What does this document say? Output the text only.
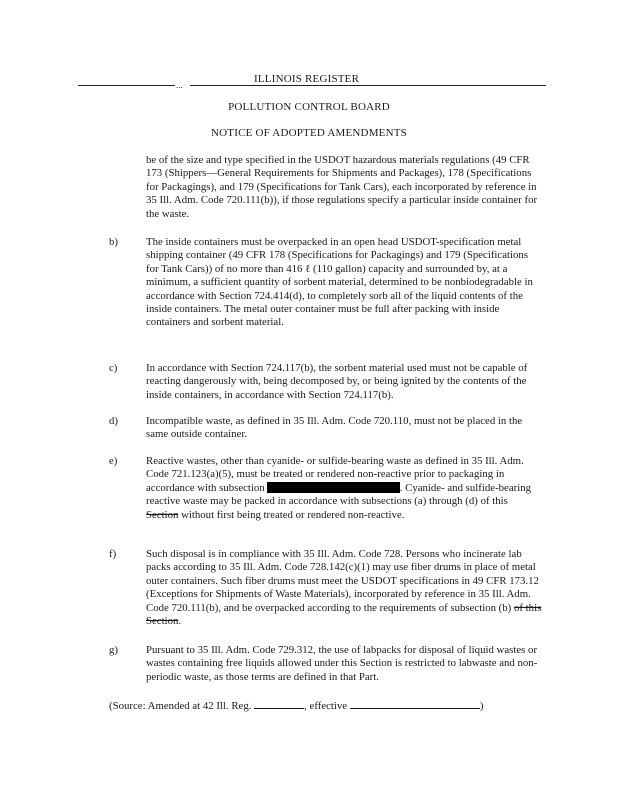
...	ILLINOIS REGISTER
POLLUTION CONTROL BOARD
NOTICE OF ADOPTED AMENDMENTS

be of the size and type specified in the USDOT hazardous materials regulations (49 CFR 173 (Shippers—General Requirements for Shipments and Packages), 178 (Specifications for Packagings), and 179 (Specifications for Tank Cars), each incorporated by reference in 35 Ill. Adm. Code 720.111(b)), if those regulations specify a particular inside container for the waste.

b)	The inside containers must be overpacked in an open head USDOT-specification metal shipping container (49 CFR 178 (Specifications for Packagings) and 179 (Specifications for Tank Cars)) of no more than 416 ℓ (110 gallon) capacity and surrounded by, at a minimum, a sufficient quantity of sorbent material, determined to be nonbiodegradable in accordance with Section 724.414(d), to completely sorb all of the liquid contents of the inside containers. The metal outer container must be full after packing with inside containers and sorbent material.

c)	In accordance with Section 724.117(b), the sorbent material used must not be capable of reacting dangerously with, being decomposed by, or being ignited by the contents of the inside containers, in accordance with Section 724.117(b).

d)	Incompatible waste, as defined in 35 Ill. Adm. Code 720.110, must not be placed in the same outside container.

e)	Reactive wastes, other than cyanide- or sulfide-bearing waste as defined in 35 Ill. Adm. Code 721.123(a)(5), must be treated or rendered non-reactive prior to packaging in accordance with subsection	. Cyanide- and sulfide-bearing reactive waste may be packed in accordance with subsections (a) through (d) of this Section without first being treated or rendered non-reactive.

f)	Such disposal is in compliance with 35 Ill. Adm. Code 728. Persons who incinerate lab packs according to 35 Ill. Adm. Code 728.142(c)(1) may use fiber drums in place of metal outer containers. Such fiber drums must meet the USDOT specifications in 49 CFR 173.12 (Exceptions for Shipments of Waste Materials), incorporated by reference in 35 Ill. Adm. Code 720.111(b), and be overpacked according to the requirements of subsection (b) of this Section.

g)	Pursuant to 35 Ill. Adm. Code 729.312, the use of labpacks for disposal of liquid wastes or wastes containing free liquids allowed under this Section is restricted to labwaste and non-periodic waste, as those terms are defined in that Part.

(Source: Amended at 42 Ill. Reg.	, effective	)
